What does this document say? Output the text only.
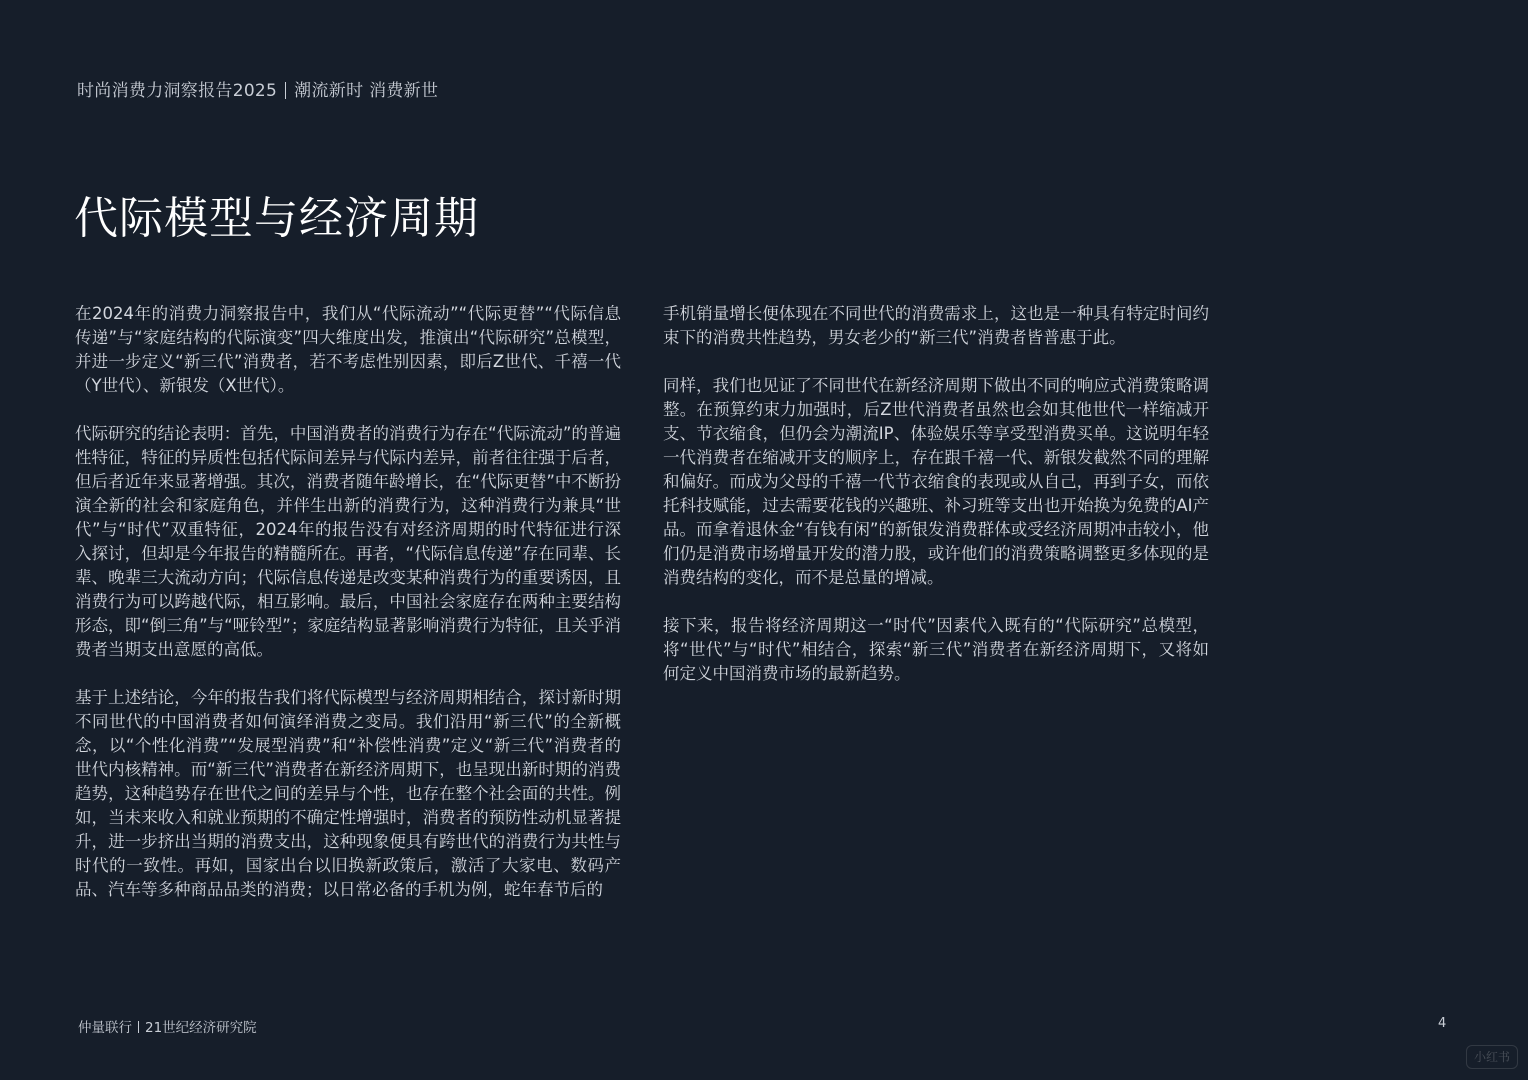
时尚消费力洞察报告2025 潮流新时 消费新世
代际模型与经济周期

在2024年的消费力洞察报告中，我们从“代际流动”“代际更替”“代际信息传递”与“家庭结构的代际演变”四大维度出发，推演出“代际研究”总模型，并进一步定义“新三代”消费者，若不考虑性别因素，即后Z世代、千禧一代（Y世代）、新银发（X世代）。

代际研究的结论表明：首先，中国消费者的消费行为存在“代际流动”的普遍性特征，特征的异质性包括代际间差异与代际内差异，前者往往强于后者，但后者近年来显著增强。其次，消费者随年龄增长，在“代际更替”中不断扮演全新的社会和家庭角色，并伴生出新的消费行为，这种消费行为兼具“世代”与“时代”双重特征，2024年的报告没有对经济周期的时代特征进行深入探讨，但却是今年报告的精髓所在。再者，“代际信息传递”存在同辈、长辈、晚辈三大流动方向；代际信息传递是改变某种消费行为的重要诱因，且消费行为可以跨越代际，相互影响。最后，中国社会家庭存在两种主要结构形态，即“倒三角”与“哑铃型”；家庭结构显著影响消费行为特征，且关乎消费者当期支出意愿的高低。

基于上述结论，今年的报告我们将代际模型与经济周期相结合，探讨新时期不同世代的中国消费者如何演绎消费之变局。我们沿用“新三代”的全新概念，以“个性化消费”“发展型消费”和“补偿性消费”定义“新三代”消费者的世代内核精神。而“新三代”消费者在新经济周期下，也呈现出新时期的消费趋势，这种趋势存在世代之间的差异与个性，也存在整个社会面的共性。例如，当未来收入和就业预期的不确定性增强时，消费者的预防性动机显著提升，进一步挤出当期的消费支出，这种现象便具有跨世代的消费行为共性与时代的一致性。再如，国家出台以旧换新政策后，激活了大家电、数码产品、汽车等多种商品品类的消费；以日常必备的手机为例，蛇年春节后的

手机销量增长便体现在不同世代的消费需求上，这也是一种具有特定时间约束下的消费共性趋势，男女老少的“新三代”消费者皆普惠于此。

同样，我们也见证了不同世代在新经济周期下做出不同的响应式消费策略调整。在预算约束力加强时，后Z世代消费者虽然也会如其他世代一样缩减开支、节衣缩食，但仍会为潮流IP、体验娱乐等享受型消费买单。这说明年轻一代消费者在缩减开支的顺序上，存在跟千禧一代、新银发截然不同的理解和偏好。而成为父母的千禧一代节衣缩食的表现或从自己，再到子女，而依托科技赋能，过去需要花钱的兴趣班、补习班等支出也开始换为免费的AI产品。而拿着退休金“有钱有闲”的新银发消费群体或受经济周期冲击较小，他们仍是消费市场增量开发的潜力股，或许他们的消费策略调整更多体现的是消费结构的变化，而不是总量的增减。

接下来，报告将经济周期这一“时代”因素代入既有的“代际研究”总模型，将“世代”与“时代”相结合，探索“新三代”消费者在新经济周期下，又将如何定义中国消费市场的最新趋势。

仲量联行 21世纪经济研究院	4
小红书
